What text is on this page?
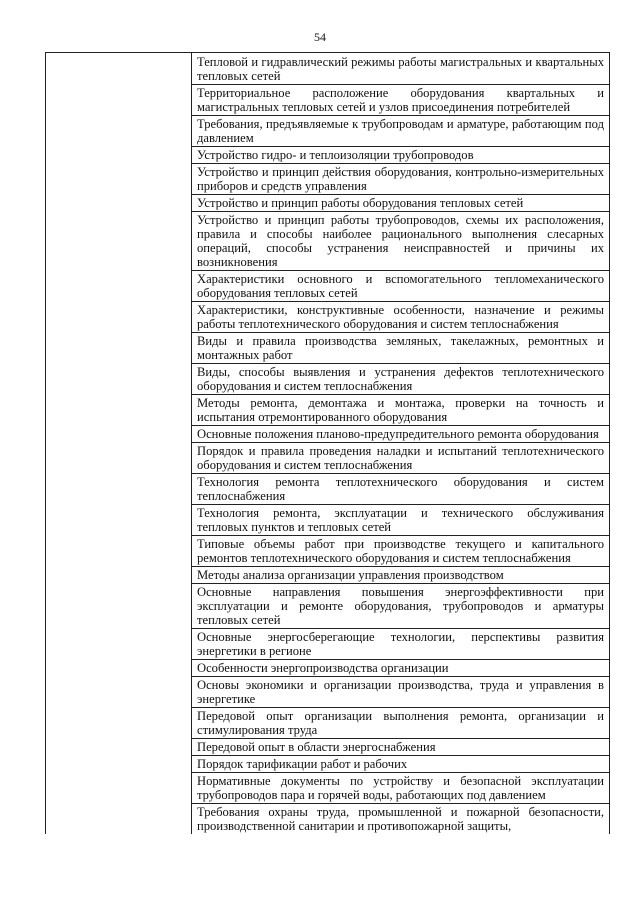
54
Тепловой и гидравлический режимы работы магистральных и квартальных тепловых сетей
Территориальное расположение оборудования квартальных и магистральных тепловых сетей и узлов присоединения потребителей
Требования, предъявляемые к трубопроводам и арматуре, работающим под давлением
Устройство гидро- и теплоизоляции трубопроводов
Устройство и принцип действия оборудования, контрольно-измерительных приборов и средств управления
Устройство и принцип работы оборудования тепловых сетей
Устройство и принцип работы трубопроводов, схемы их расположения, правила и способы наиболее рационального выполнения слесарных операций, способы устранения неисправностей и причины их возникновения
Характеристики основного и вспомогательного тепломеханического оборудования тепловых сетей
Характеристики, конструктивные особенности, назначение и режимы работы теплотехнического оборудования и систем теплоснабжения
Виды и правила производства земляных, такелажных, ремонтных и монтажных работ
Виды, способы выявления и устранения дефектов теплотехнического оборудования и систем теплоснабжения
Методы ремонта, демонтажа и монтажа, проверки на точность и испытания отремонтированного оборудования
Основные положения планово-предупредительного ремонта оборудования
Порядок и правила проведения наладки и испытаний теплотехнического оборудования и систем теплоснабжения
Технология ремонта теплотехнического оборудования и систем теплоснабжения
Технология ремонта, эксплуатации и технического обслуживания тепловых пунктов и тепловых сетей
Типовые объемы работ при производстве текущего и капитального ремонтов теплотехнического оборудования и систем теплоснабжения
Методы анализа организации управления производством
Основные направления повышения энергоэффективности при эксплуатации и ремонте оборудования, трубопроводов и арматуры тепловых сетей
Основные энергосберегающие технологии, перспективы развития энергетики в регионе
Особенности энергопроизводства организации
Основы экономики и организации производства, труда и управления в энергетике
Передовой опыт организации выполнения ремонта, организации и стимулирования труда
Передовой опыт в области энергоснабжения
Порядок тарификации работ и рабочих
Нормативные документы по устройству и безопасной эксплуатации трубопроводов пара и горячей воды, работающих под давлением
Требования охраны труда, промышленной и пожарной безопасности, производственной санитарии и противопожарной защиты,
